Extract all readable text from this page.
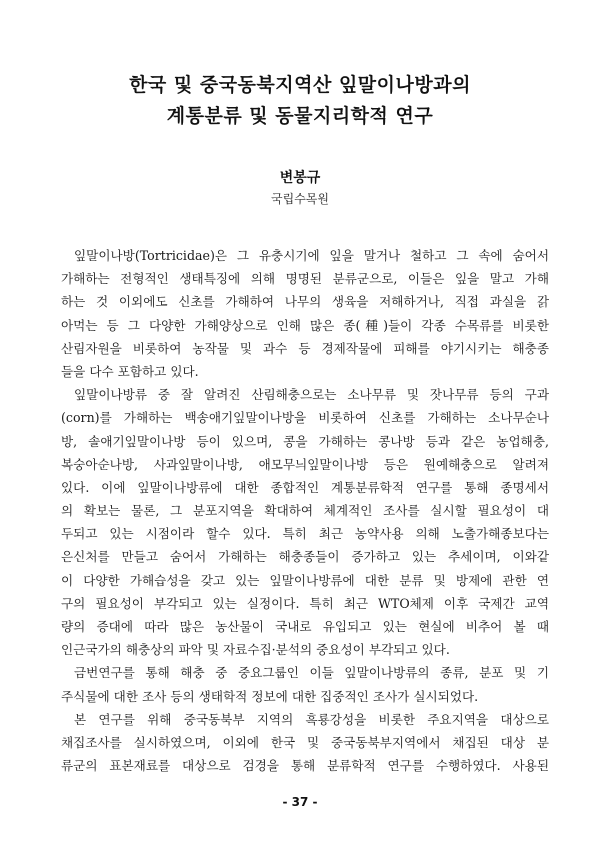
한국 및 중국동북지역산 잎말이나방과의
계통분류 및 동물지리학적 연구
변봉규
국립수목원
잎말이나방(Tortricidae)은 그 유충시기에 잎을 말거나 철하고 그 속에 숨어서
가해하는 전형적인 생태특징에 의해 명명된 분류군으로, 이들은 잎을 말고 가해
하는 것 이외에도 신초를 가해하여 나무의 생육을 저해하거나, 직접 과실을 갉
아먹는 등 그 다양한 가해양상으로 인해 많은 종(種)들이 각종 수목류를 비롯한
산림자원을 비롯하여 농작물 및 과수 등 경제작물에 피해를 야기시키는 해충종
들을 다수 포함하고 있다.
잎말이나방류 중 잘 알려진 산림해충으로는 소나무류 및 잣나무류 등의 구과
(corn)를 가해하는 백송애기잎말이나방을 비롯하여 신초를 가해하는 소나무순나
방, 솔애기잎말이나방 등이 있으며, 콩을 가해하는 콩나방 등과 같은 농업해충,
복숭아순나방, 사과잎말이나방, 애모무늬잎말이나방 등은 원예해충으로 알려져
있다. 이에 잎말이나방류에 대한 종합적인 계통분류학적 연구를 통해 종명세서
의 확보는 물론, 그 분포지역을 확대하여 체계적인 조사를 실시할 필요성이 대
두되고 있는 시점이라 할수 있다. 특히 최근 농약사용 의해 노출가해종보다는
은신처를 만들고 숨어서 가해하는 해충종들이 증가하고 있는 추세이며, 이와같
이 다양한 가해습성을 갖고 있는 잎말이나방류에 대한 분류 및 방제에 관한 연
구의 필요성이 부각되고 있는 실정이다. 특히 최근 WTO체제 이후 국제간 교역
량의 증대에 따라 많은 농산물이 국내로 유입되고 있는 현실에 비추어 볼 때
인근국가의 해충상의 파악 및 자료수집·분석의 중요성이 부각되고 있다.
금번연구를 통해 해충 중 중요그룹인 이들 잎말이나방류의 종류, 분포 및 기
주식물에 대한 조사 등의 생태학적 정보에 대한 집중적인 조사가 실시되었다.
본 연구를 위해 중국동북부 지역의 흑룡강성을 비롯한 주요지역을 대상으로
채집조사를 실시하였으며, 이외에 한국 및 중국동북부지역에서 채집된 대상 분
류군의 표본재료를 대상으로 검경을 통해 분류학적 연구를 수행하였다. 사용된
- 37 -
